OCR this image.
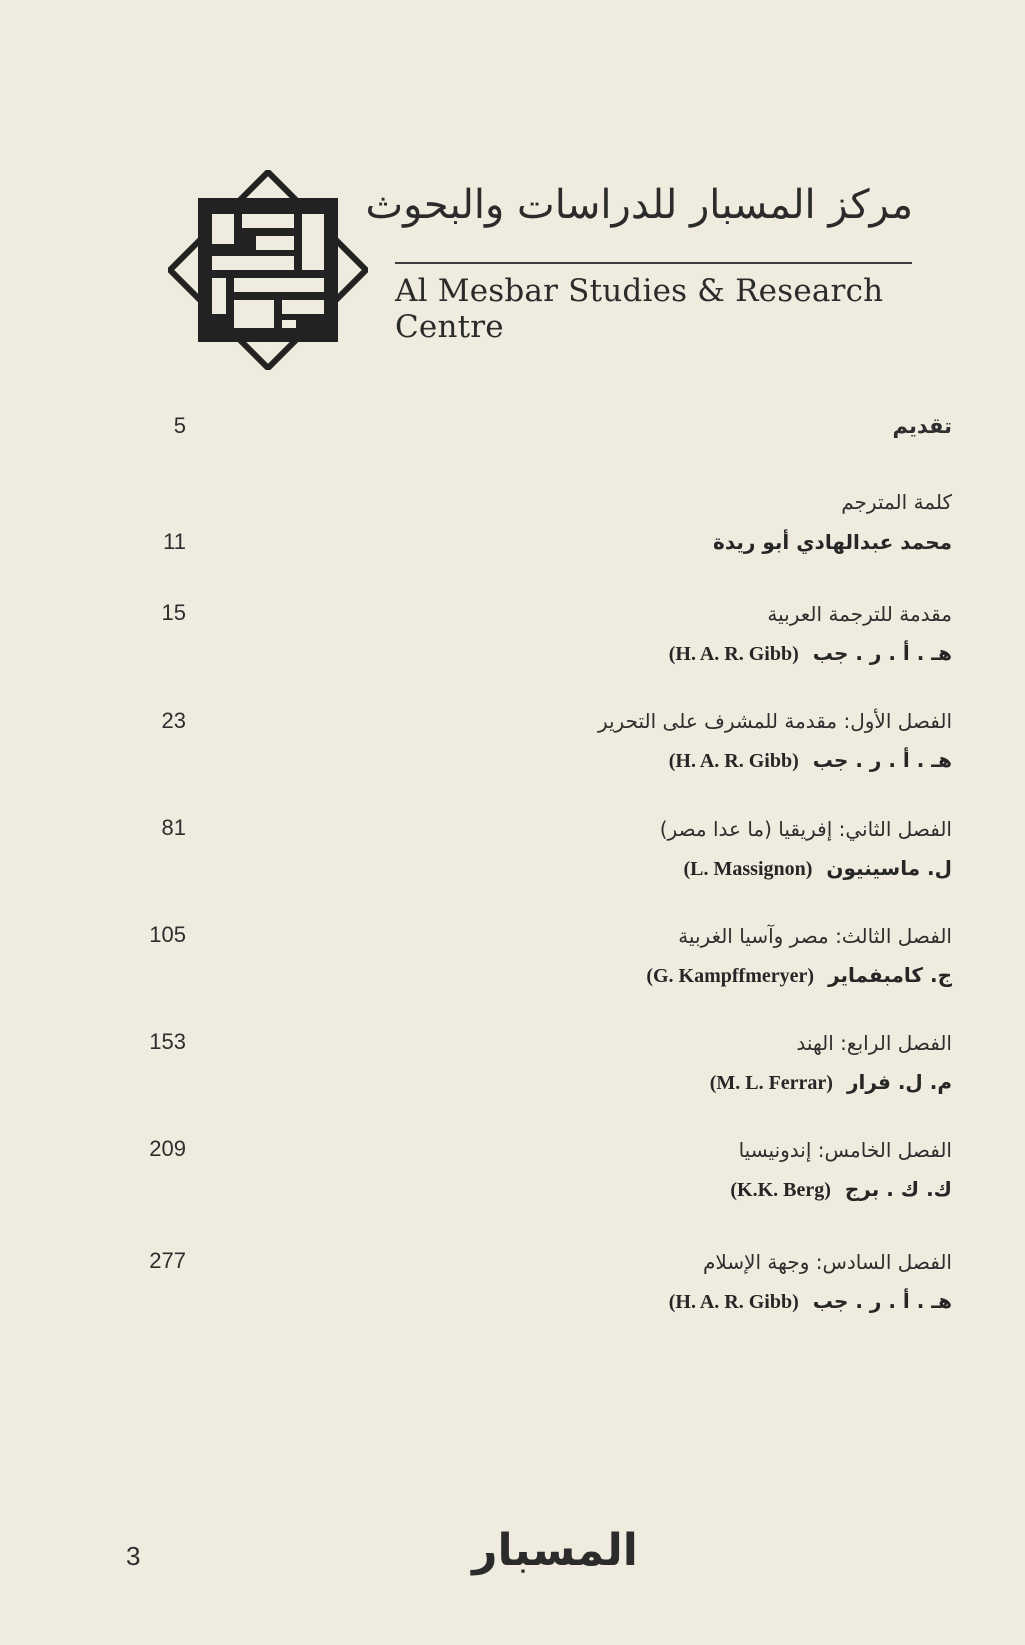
مركز المسبار للدراسات والبحوث
Al Mesbar Studies & Research Centre
تقديم
5
كلمة المترجم
محمد عبدالهادي أبو ريدة
11
مقدمة للترجمة العربية
هـ . أ . ر . جب(H. A. R. Gibb)
15
الفصل الأول: مقدمة للمشرف على التحرير
هـ . أ . ر . جب(H. A. R. Gibb)
23
الفصل الثاني: إفريقيا (ما عدا مصر)
ل. ماسينيون(L. Massignon)
81
الفصل الثالث: مصر وآسيا الغربية
ج. كامبفماير(G. Kampffmeryer)
105
الفصل الرابع: الهند
م. ل. فرار(M. L. Ferrar)
153
الفصل الخامس: إندونيسيا
ك. ك . برج(K.K. Berg)
209
الفصل السادس: وجهة الإسلام
هـ . أ . ر . جب(H. A. R. Gibb)
277
المسبار
3
